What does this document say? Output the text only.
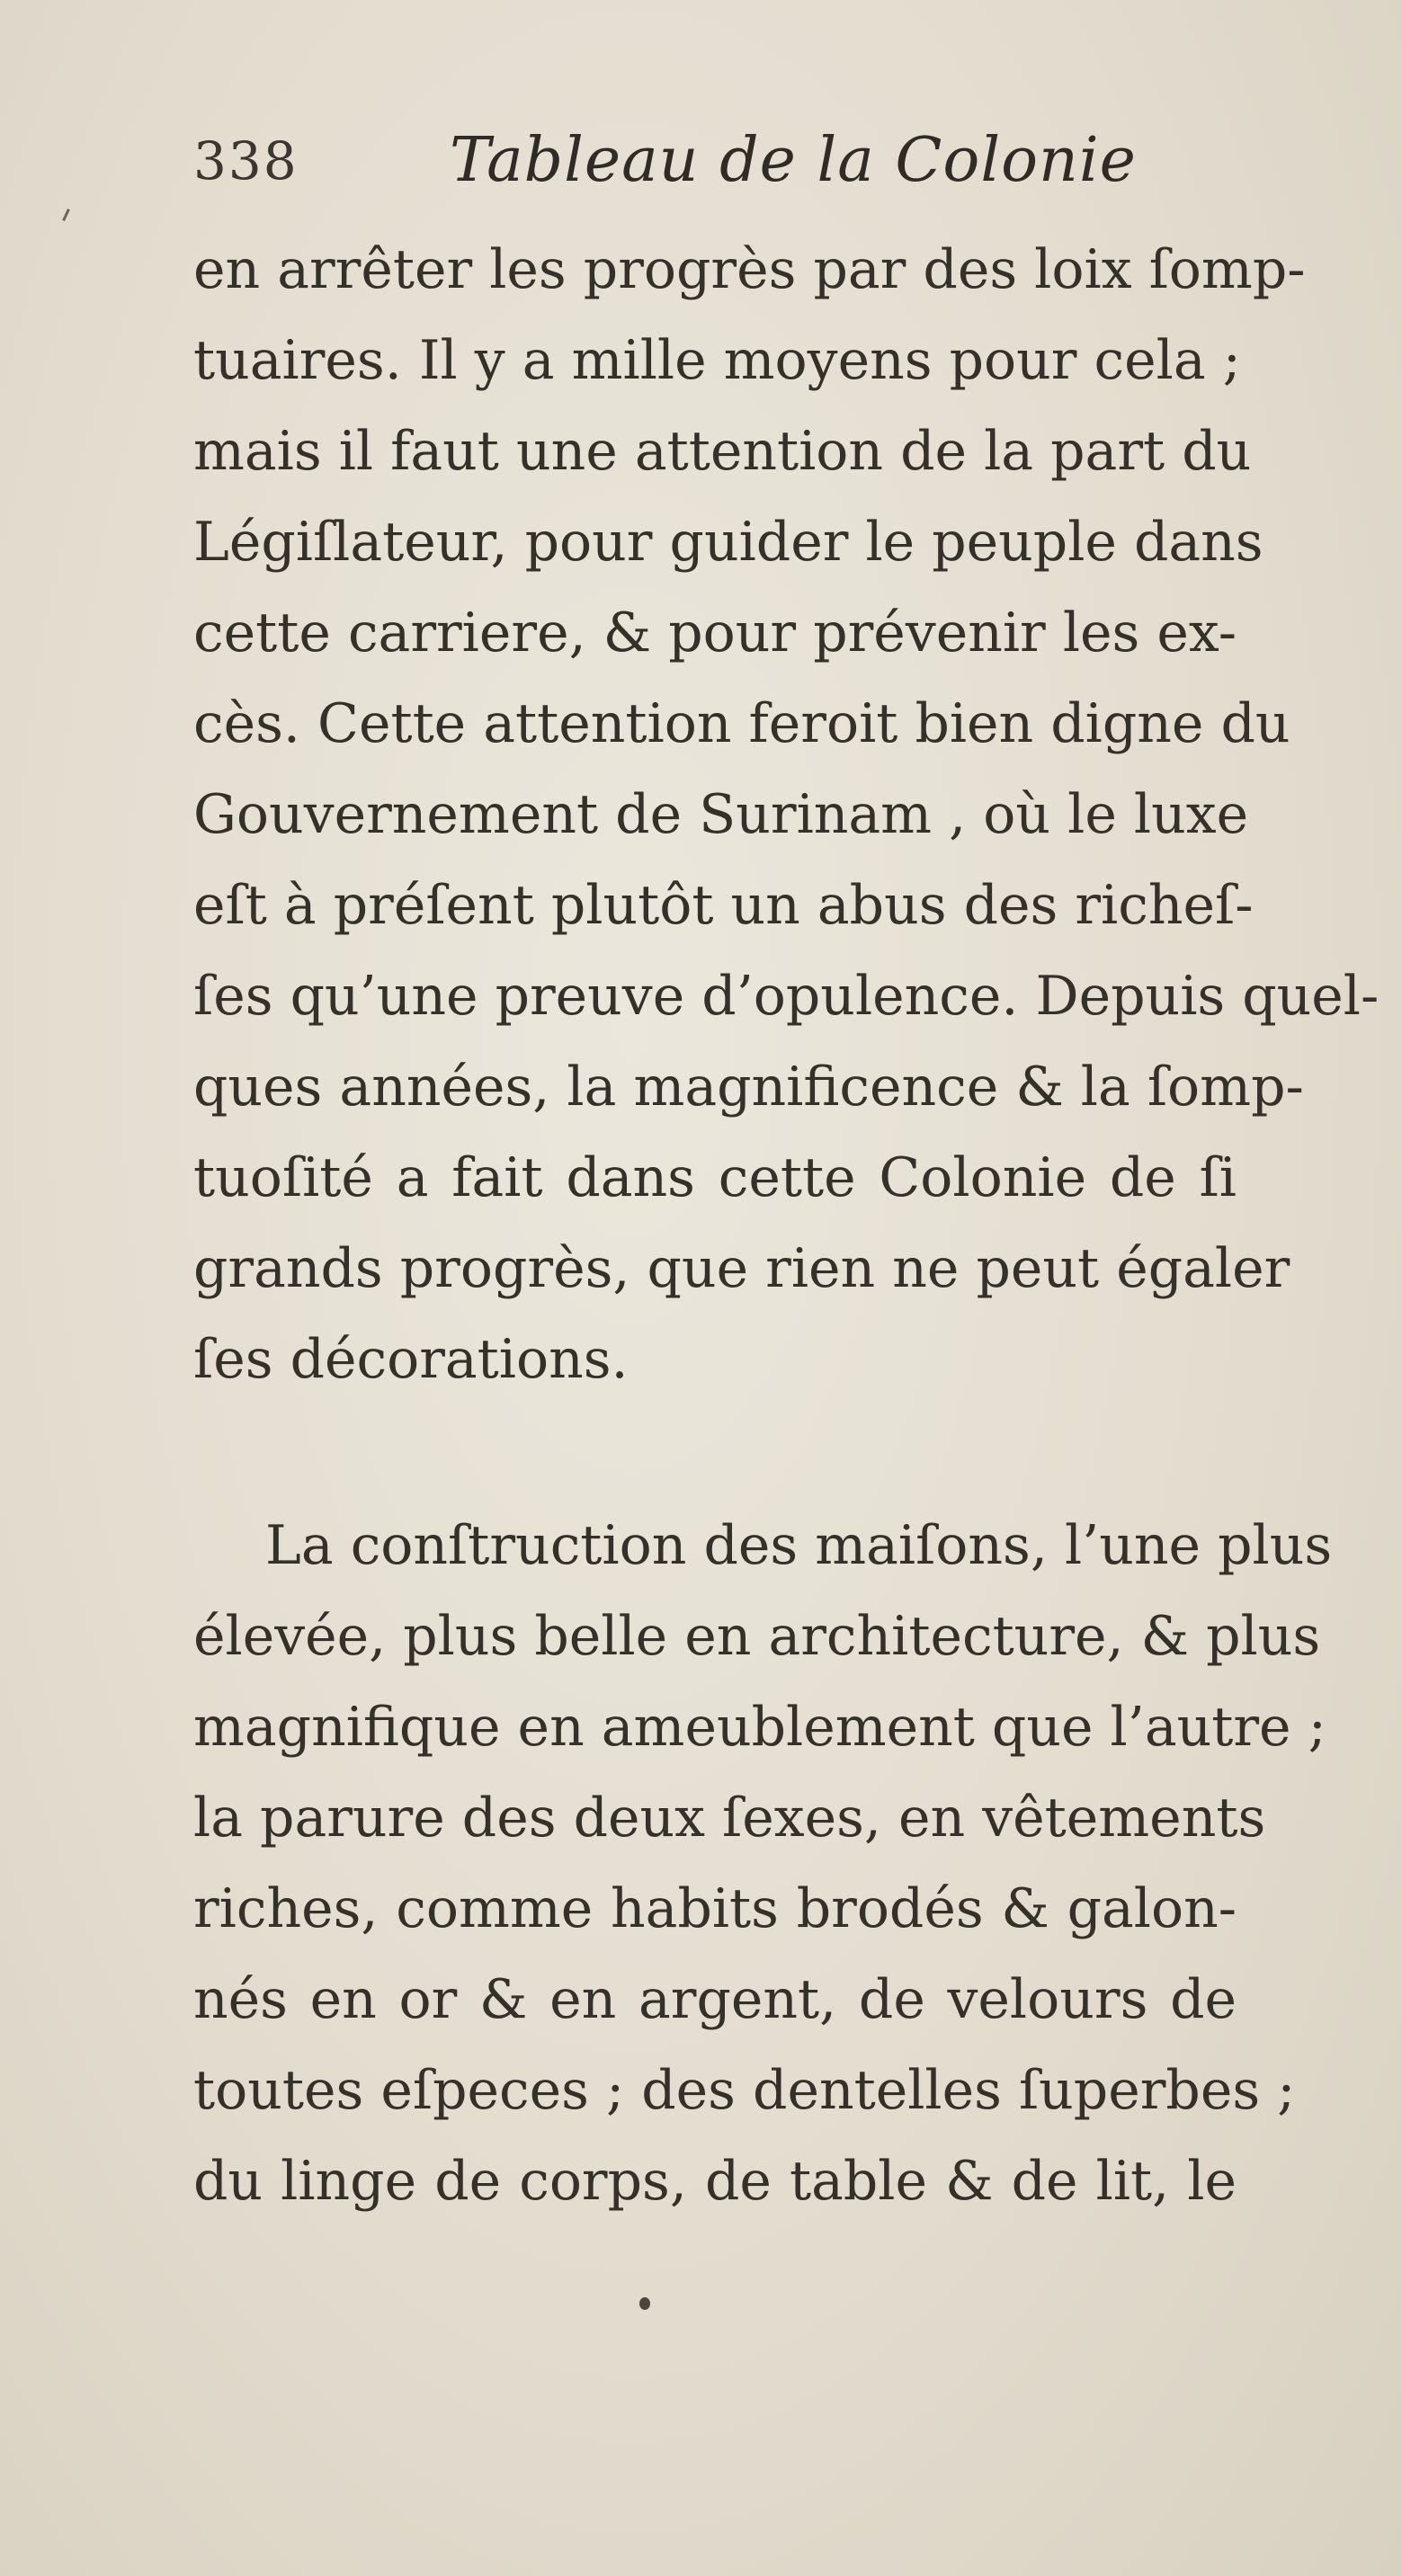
338 Tableau de la Colonie
en arrêter les progrès par des loix ſomp-
tuaires. Il y a mille moyens pour cela ;
mais il faut une attention de la part du
Légiſlateur, pour guider le peuple dans
cette carriere, & pour prévenir les ex-
cès. Cette attention feroit bien digne du
Gouvernement de Surinam , où le luxe
eſt à préſent plutôt un abus des richeſ-
ſes qu’une preuve d’opulence. Depuis quel-
ques années, la magnificence & la ſomp-
tuoſité a fait dans cette Colonie de ſi
grands progrès, que rien ne peut égaler
ſes décorations.
La conſtruction des maiſons, l’une plus
élevée, plus belle en architecture, & plus
magnifique en ameublement que l’autre ;
la parure des deux ſexes, en vêtements
riches, comme habits brodés & galon-
nés en or & en argent, de velours de
toutes eſpeces ; des dentelles ſuperbes ;
du linge de corps, de table & de lit, le
